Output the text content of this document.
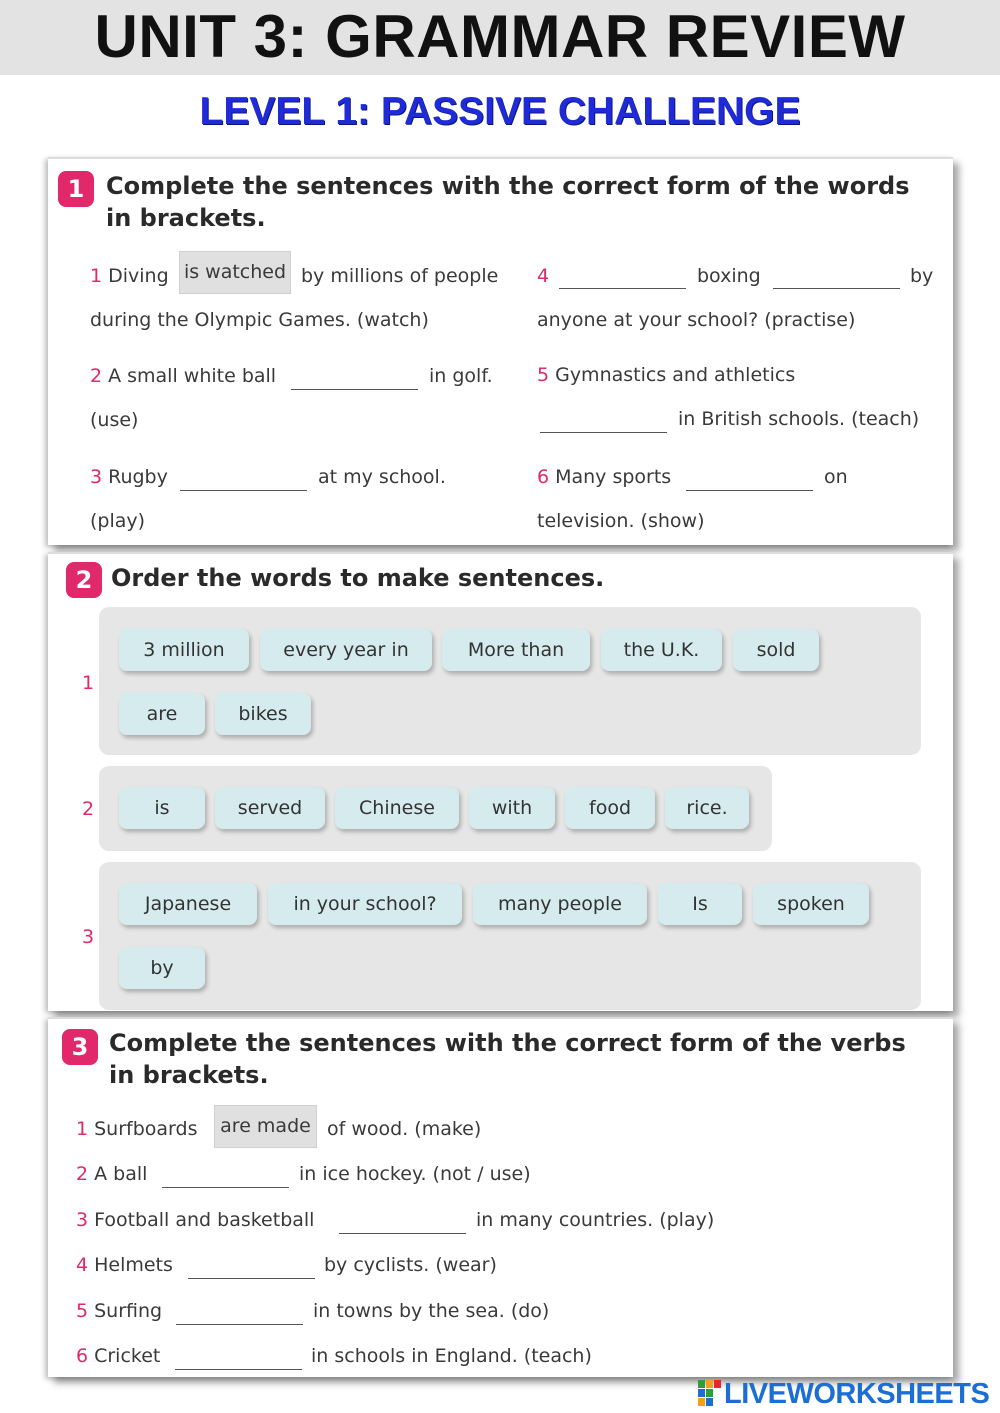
UNIT 3: GRAMMAR REVIEW
LEVEL 1: PASSIVE CHALLENGE
1 Complete the sentences with the correct form of the words in brackets.
1 Diving is watched by millions of people
during the Olympic Games. (watch)
2 A small white ball	in golf.
(use)
3 Rugby	at my school.
(play)
4	boxing	by
anyone at your school? (practise)
5 Gymnastics and athletics
in British schools. (teach)
6 Many sports	on
television. (show)
2 Order the words to make sentences.
1
3 million	every year in	More than	the U.K.	sold
are	bikes
2	is	served	Chinese	with	food	rice.
3
Japanese	in your school?	many people	Is	spoken
by
3 Complete the sentences with the correct form of the verbs in brackets.
1 Surfboards	are made of wood. (make)
2 A ball	in ice hockey. (not / use)
3 Football and basketball	in many countries. (play)
4 Helmets	by cyclists. (wear)
5 Surfing	in towns by the sea. (do)
6 Cricket	in schools in England. (teach)
LIVEWORKSHEETS
